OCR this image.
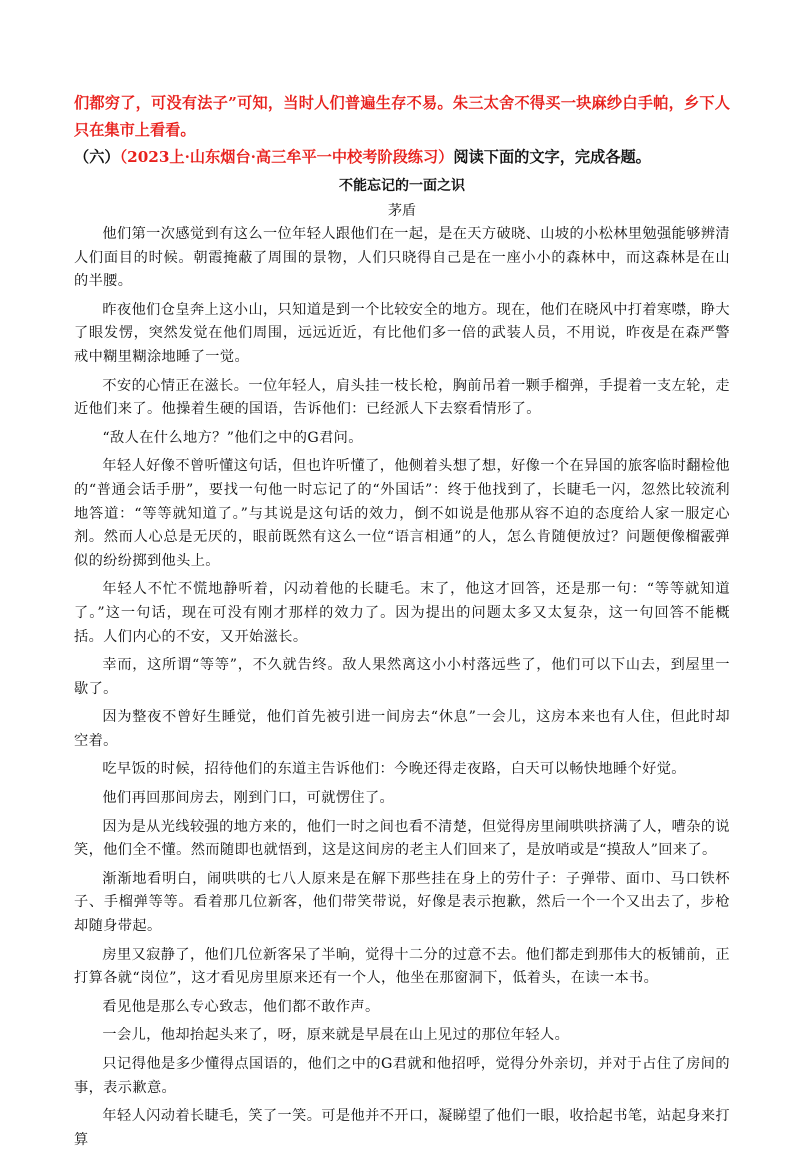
们都穷了，可没有法子”可知，当时人们普遍生存不易。朱三太舍不得买一块麻纱白手帕，乡下人只在集市上看看。

（六）（2023上·山东烟台·高三牟平一中校考阶段练习）阅读下面的文字，完成各题。

不能忘记的一面之识

茅盾

他们第一次感觉到有这么一位年轻人跟他们在一起，是在天方破晓、山坡的小松林里勉强能够辨清人们面目的时候。朝霞掩蔽了周围的景物，人们只晓得自己是在一座小小的森林中，而这森林是在山的半腰。

昨夜他们仓皇奔上这小山，只知道是到一个比较安全的地方。现在，他们在晓风中打着寒噤，睁大了眼发愣，突然发觉在他们周围，远远近近，有比他们多一倍的武装人员，不用说，昨夜是在森严警戒中糊里糊涂地睡了一觉。

不安的心情正在滋长。一位年轻人，肩头挂一枝长枪，胸前吊着一颗手榴弹，手提着一支左轮，走近他们来了。他操着生硬的国语，告诉他们：已经派人下去察看情形了。

“敌人在什么地方？”他们之中的G君问。

年轻人好像不曾听懂这句话，但也许听懂了，他侧着头想了想，好像一个在异国的旅客临时翻检他的“普通会话手册”，要找一句他一时忘记了的“外国话”：终于他找到了，长睫毛一闪，忽然比较流利地答道：“等等就知道了。”与其说是这句话的效力，倒不如说是他那从容不迫的态度给人家一服定心剂。然而人心总是无厌的，眼前既然有这么一位“语言相通”的人，怎么肯随便放过？问题便像榴霰弹似的纷纷掷到他头上。

年轻人不忙不慌地静听着，闪动着他的长睫毛。末了，他这才回答，还是那一句：“等等就知道了。”这一句话，现在可没有刚才那样的效力了。因为提出的问题太多又太复杂，这一句回答不能概括。人们内心的不安，又开始滋长。

幸而，这所谓“等等”，不久就告终。敌人果然离这小小村落远些了，他们可以下山去，到屋里一歇了。

因为整夜不曾好生睡觉，他们首先被引进一间房去“休息”一会儿，这房本来也有人住，但此时却空着。

吃早饭的时候，招待他们的东道主告诉他们：今晚还得走夜路，白天可以畅快地睡个好觉。

他们再回那间房去，刚到门口，可就愣住了。

因为是从光线较强的地方来的，他们一时之间也看不清楚，但觉得房里闹哄哄挤满了人，嘈杂的说笑，他们全不懂。然而随即也就悟到，这是这间房的老主人们回来了，是放哨或是“摸敌人”回来了。

渐渐地看明白，闹哄哄的七八人原来是在解下那些挂在身上的劳什子：子弹带、面巾、马口铁杯子、手榴弹等等。看着那几位新客，他们带笑带说，好像是表示抱歉，然后一个一个又出去了，步枪却随身带起。

房里又寂静了，他们几位新客呆了半晌，觉得十二分的过意不去。他们都走到那伟大的板铺前，正打算各就“岗位”，这才看见房里原来还有一个人，他坐在那窗洞下，低着头，在读一本书。

看见他是那么专心致志，他们都不敢作声。

一会儿，他却抬起头来了，呀，原来就是早晨在山上见过的那位年轻人。

只记得他是多少懂得点国语的，他们之中的G君就和他招呼，觉得分外亲切，并对于占住了房间的事，表示歉意。

年轻人闪动着长睫毛，笑了一笑。可是他并不开口，凝睇望了他们一眼，收拾起书笔，站起身来打算
